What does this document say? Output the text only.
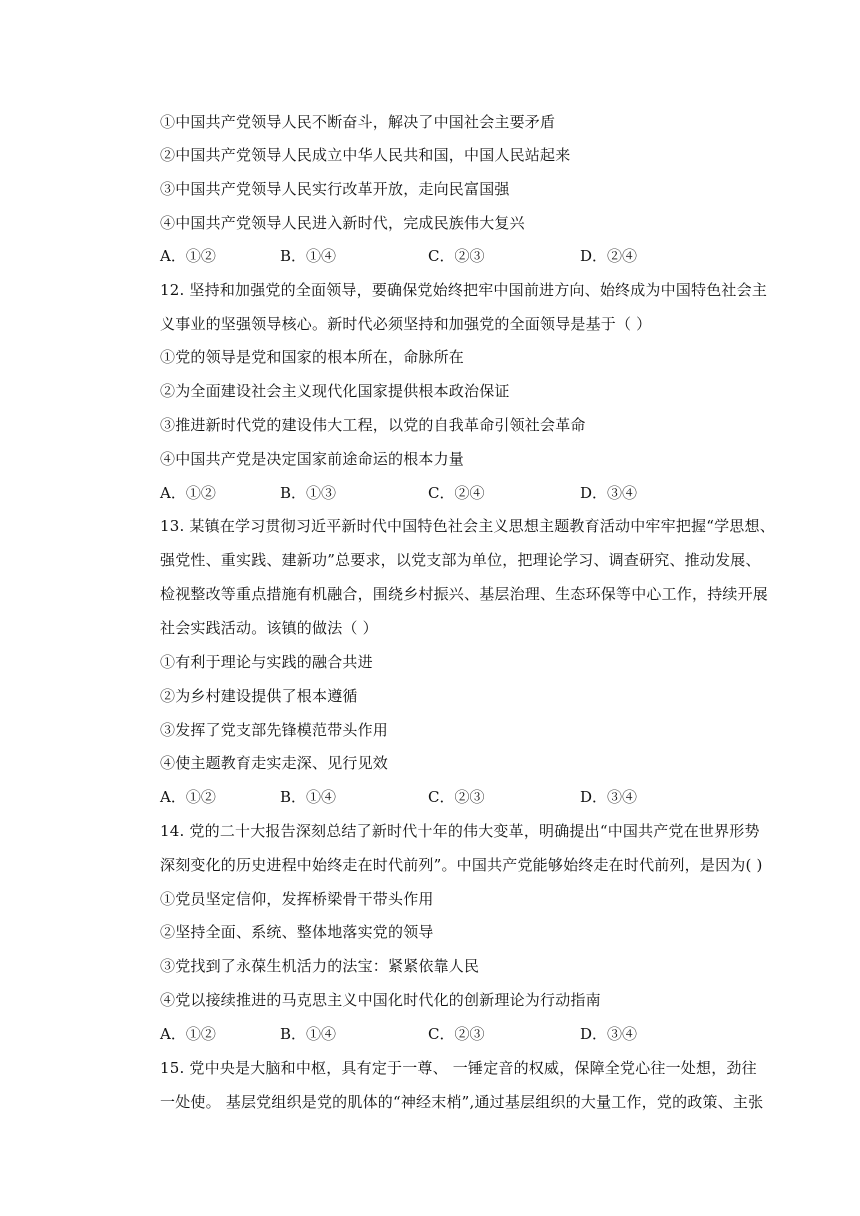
①中国共产党领导人民不断奋斗，解决了中国社会主要矛盾
②中国共产党领导人民成立中华人民共和国，中国人民站起来
③中国共产党领导人民实行改革开放，走向民富国强
④中国共产党领导人民进入新时代，完成民族伟大复兴
A．①②	B．①④	C．②③	D．②④
12. 坚持和加强党的全面领导，要确保党始终把牢中国前进方向、始终成为中国特色社会主
义事业的坚强领导核心。新时代必须坚持和加强党的全面领导是基于（ ）
①党的领导是党和国家的根本所在，命脉所在
②为全面建设社会主义现代化国家提供根本政治保证
③推进新时代党的建设伟大工程，以党的自我革命引领社会革命
④中国共产党是决定国家前途命运的根本力量
A．①②	B．①③	C．②④	D．③④
13. 某镇在学习贯彻习近平新时代中国特色社会主义思想主题教育活动中牢牢把握“学思想、
强党性、重实践、建新功”总要求，以党支部为单位，把理论学习、调查研究、推动发展、
检视整改等重点措施有机融合，围绕乡村振兴、基层治理、生态环保等中心工作，持续开展
社会实践活动。该镇的做法（ ）
①有利于理论与实践的融合共进
②为乡村建设提供了根本遵循
③发挥了党支部先锋模范带头作用
④使主题教育走实走深、见行见效
A．①②	B．①④	C．②③	D．③④
14. 党的二十大报告深刻总结了新时代十年的伟大变革，明确提出“中国共产党在世界形势
深刻变化的历史进程中始终走在时代前列”。中国共产党能够始终走在时代前列，是因为( )
①党员坚定信仰，发挥桥梁骨干带头作用
②坚持全面、系统、整体地落实党的领导
③党找到了永葆生机活力的法宝：紧紧依靠人民
④党以接续推进的马克思主义中国化时代化的创新理论为行动指南
A．①②	B．①④	C．②③	D．③④
15. 党中央是大脑和中枢，具有定于一尊、 一锤定音的权威，保障全党心往一处想，劲往
一处使。 基层党组织是党的肌体的“神经末梢”,通过基层组织的大量工作，党的政策、主张
